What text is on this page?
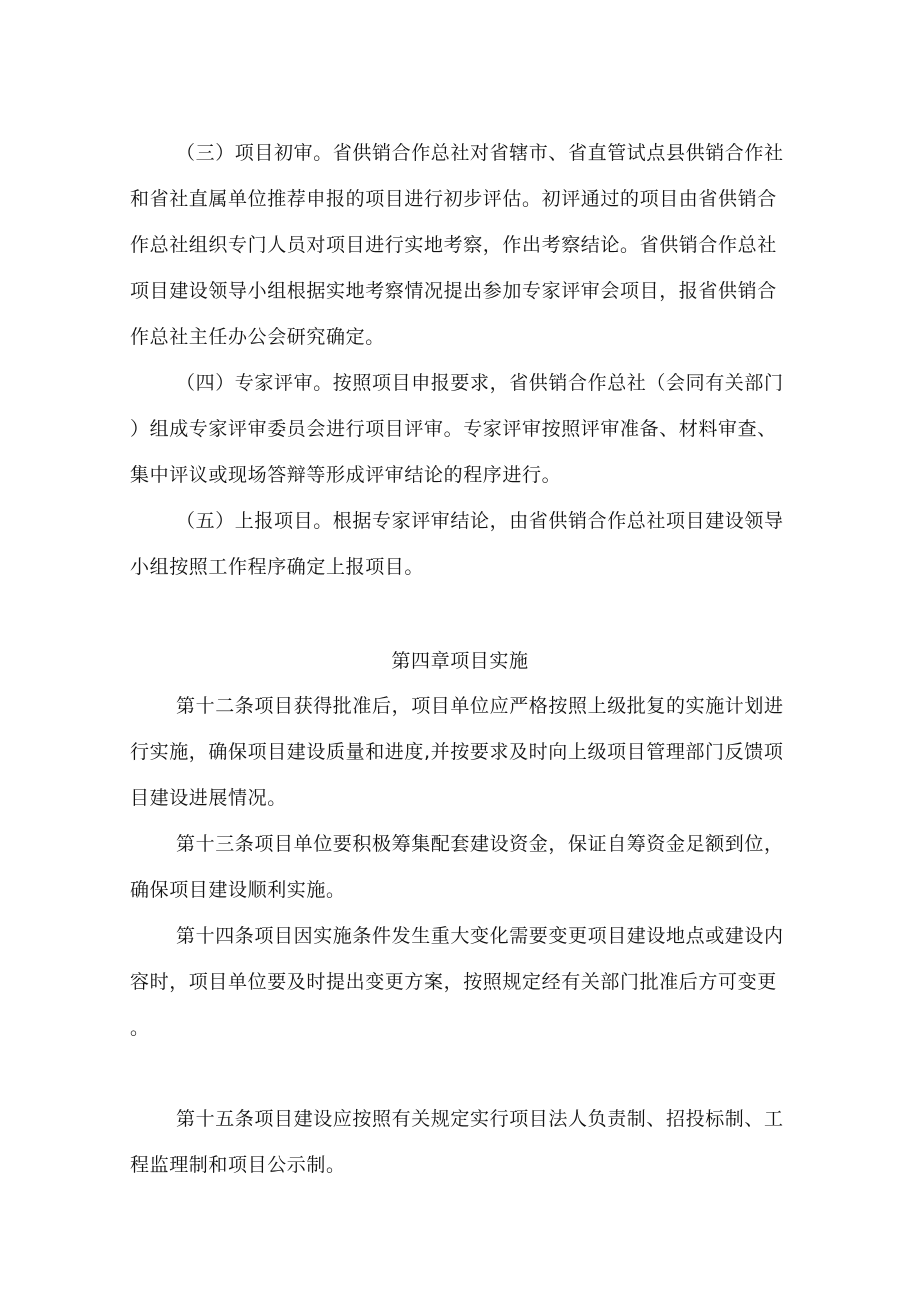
（三）项目初审。省供销合作总社对省辖市、省直管试点县供销合作社
和省社直属单位推荐申报的项目进行初步评估。初评通过的项目由省供销合
作总社组织专门人员对项目进行实地考察，作出考察结论。省供销合作总社
项目建设领导小组根据实地考察情况提出参加专家评审会项目，报省供销合
作总社主任办公会研究确定。
（四）专家评审。按照项目申报要求，省供销合作总社（会同有关部门
）组成专家评审委员会进行项目评审。专家评审按照评审准备、材料审查、
集中评议或现场答辩等形成评审结论的程序进行。
（五）上报项目。根据专家评审结论，由省供销合作总社项目建设领导
小组按照工作程序确定上报项目。
第四章项目实施
第十二条项目获得批准后，项目单位应严格按照上级批复的实施计划进
行实施，确保项目建设质量和进度,并按要求及时向上级项目管理部门反馈项
目建设进展情况。
第十三条项目单位要积极筹集配套建设资金，保证自筹资金足额到位，
确保项目建设顺利实施。
第十四条项目因实施条件发生重大变化需要变更项目建设地点或建设内
容时，项目单位要及时提出变更方案，按照规定经有关部门批准后方可变更
。
第十五条项目建设应按照有关规定实行项目法人负责制、招投标制、工
程监理制和项目公示制。
